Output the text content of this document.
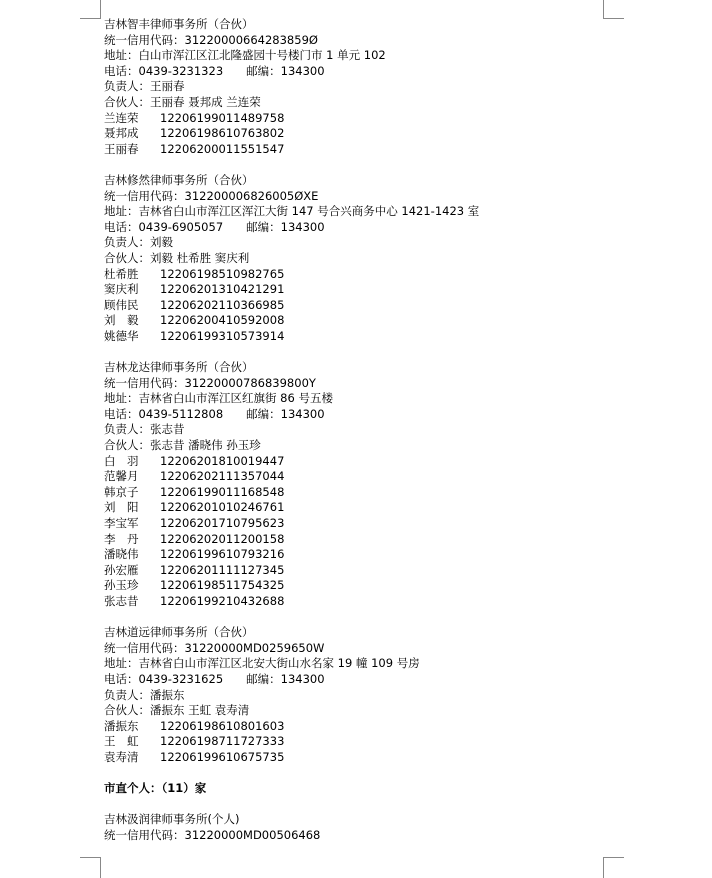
吉林智丰律师事务所（合伙）
统一信用代码：31220000664283859Ø
地址：白山市浑江区江北隆盛园十号楼门市 1 单元 102
电话：0439-3231323　　邮编：134300
负责人：王丽春
合伙人：王丽春 聂邦成 兰连荣
兰连荣	12206199011489758
聂邦成	12206198610763802
王丽春	12206200011551547
吉林修然律师事务所（合伙）
统一信用代码：312200006826005ØXE
地址：吉林省白山市浑江区浑江大街 147 号合兴商务中心 1421-1423 室
电话：0439-6905057　　邮编：134300
负责人：刘毅
合伙人：刘毅 杜希胜 窦庆利
杜希胜	12206198510982765
窦庆利	12206201310421291
顾伟民	12206202110366985
刘　毅	12206200410592008
姚德华	12206199310573914
吉林龙达律师事务所（合伙）
统一信用代码：31220000786839800Y
地址：吉林省白山市浑江区红旗街 86 号五楼
电话：0439-5112808　　邮编：134300
负责人：张志昔
合伙人：张志昔 潘晓伟 孙玉珍
白　羽	12206201810019447
范馨月	12206202111357044
韩京子	12206199011168548
刘　阳	12206201010246761
李宝军	12206201710795623
李　丹	12206202011200158
潘晓伟	12206199610793216
孙宏雁	12206201111127345
孙玉珍	12206198511754325
张志昔	12206199210432688
吉林道远律师事务所（合伙）
统一信用代码：31220000MD0259650W
地址：吉林省白山市浑江区北安大街山水名家 19 幢 109 号房
电话：0439-3231625　　邮编：134300
负责人：潘振东
合伙人：潘振东 王虹 袁寿清
潘振东	12206198610801603
王　虹	12206198711727333
袁寿清	12206199610675735
市直个人：（11）家
吉林汲润律师事务所(个人)
统一信用代码：31220000MD00506468
